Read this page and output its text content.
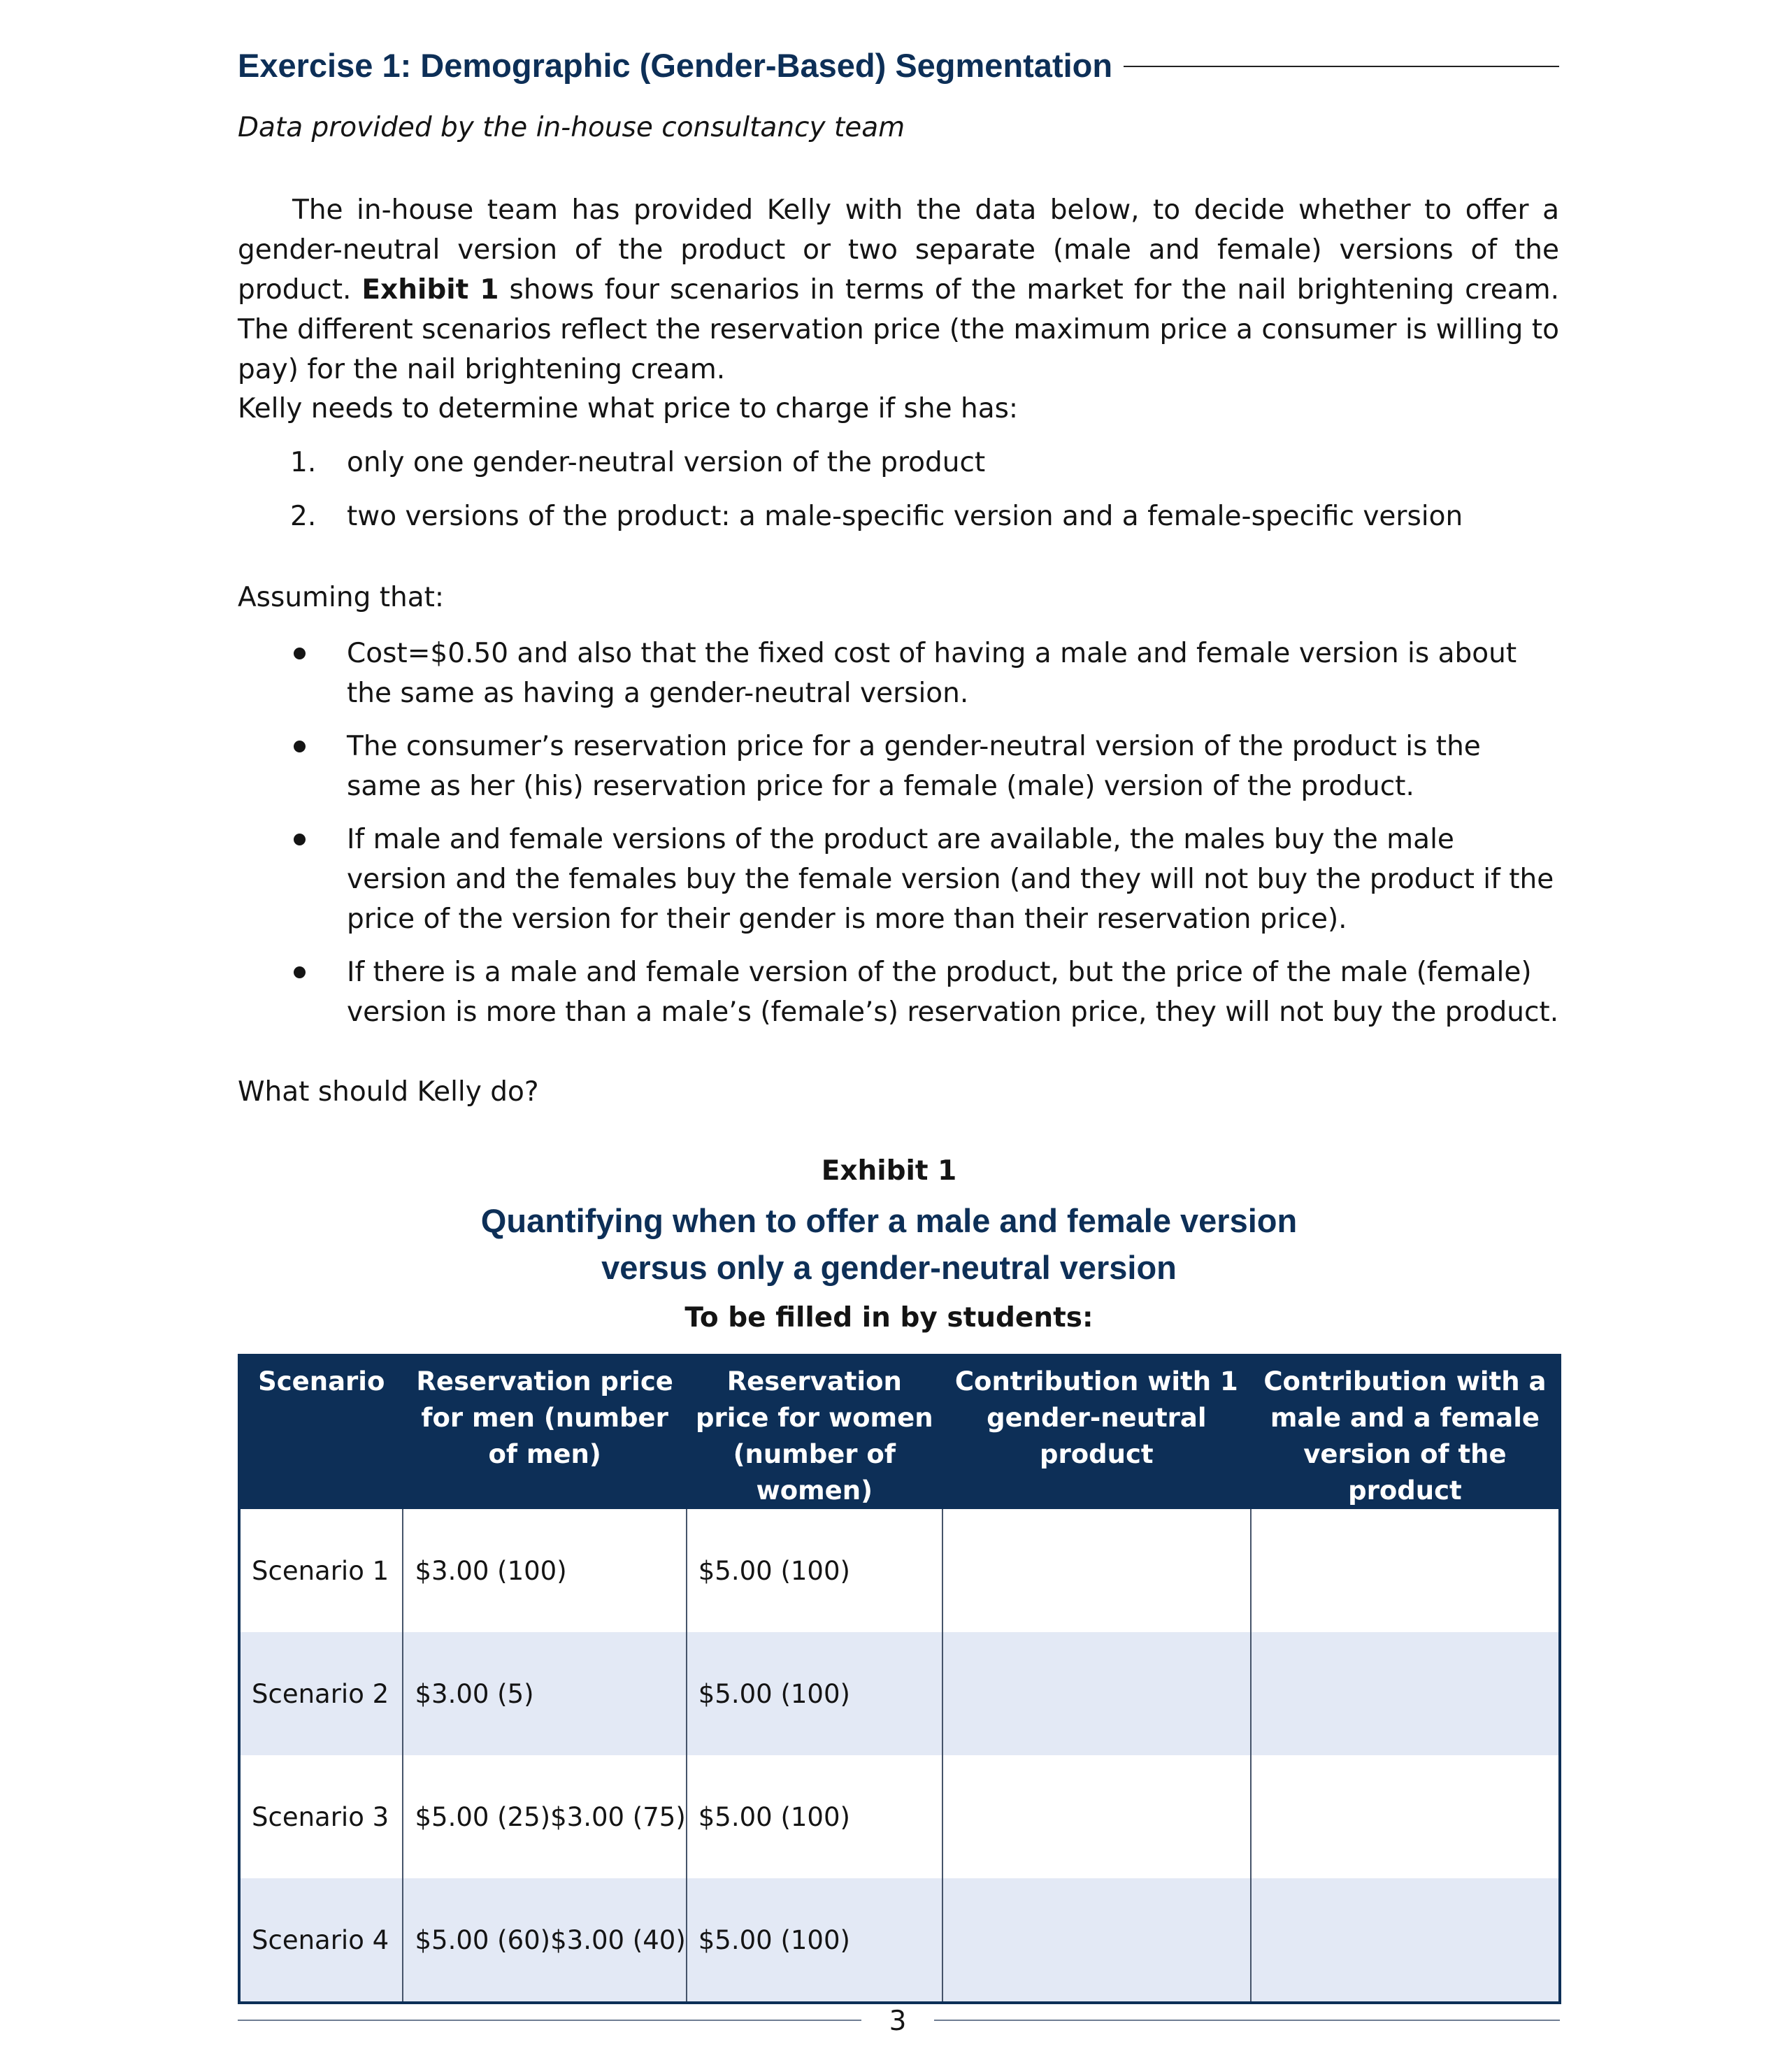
Exercise 1: Demographic (Gender-Based) Segmentation
Data provided by the in-house consultancy team
The in-house team has provided Kelly with the data below, to decide whether to offer a gender-neutral version of the product or two separate (male and female) versions of the product. Exhibit 1 shows four scenarios in terms of the market for the nail brightening cream. The different scenarios reflect the reservation price (the maximum price a consumer is willing to pay) for the nail brightening cream.
Kelly needs to determine what price to charge if she has:
1. only one gender-neutral version of the product
2. two versions of the product: a male-specific version and a female-specific version
Assuming that:
Cost=$0.50 and also that the fixed cost of having a male and female version is about the same as having a gender-neutral version.
The consumer’s reservation price for a gender-neutral version of the product is the same as her (his) reservation price for a female (male) version of the product.
If male and female versions of the product are available, the males buy the male version and the females buy the female version (and they will not buy the product if the price of the version for their gender is more than their reservation price).
If there is a male and female version of the product, but the price of the male (female) version is more than a male’s (female’s) reservation price, they will not buy the product.
What should Kelly do?
Exhibit 1
Quantifying when to offer a male and female version
versus only a gender-neutral version
To be filled in by students:
Scenario	Reservation price for men (number of men)	Reservation price for women (number of women)	Contribution with 1 gender-neutral product	Contribution with a male and a female version of the product
Scenario 1	$3.00 (100)	$5.00 (100)		
Scenario 2	$3.00 (5)	$5.00 (100)		
Scenario 3	$5.00 (25)$3.00 (75)	$5.00 (100)		
Scenario 4	$5.00 (60)$3.00 (40)	$5.00 (100)		
3
